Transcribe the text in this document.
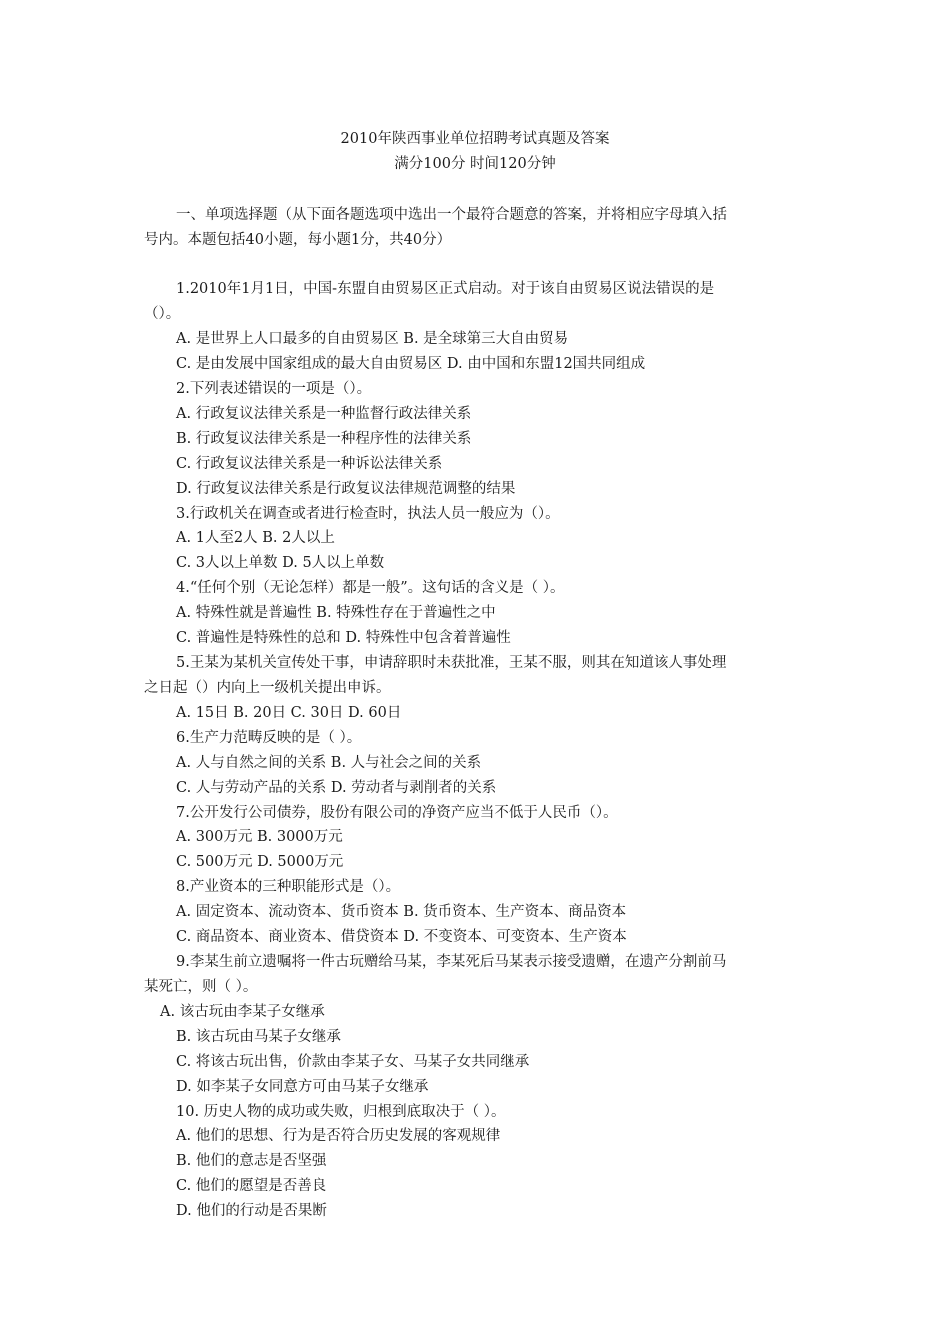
2010年陕西事业单位招聘考试真题及答案
满分100分 时间120分钟
一、单项选择题（从下面各题选项中选出一个最符合题意的答案，并将相应字母填入括
号内。本题包括40小题，每小题1分，共40分）
1.2010年1月1日，中国-东盟自由贸易区正式启动。对于该自由贸易区说法错误的是
（）。
A. 是世界上人口最多的自由贸易区 B. 是全球第三大自由贸易
C. 是由发展中国家组成的最大自由贸易区 D. 由中国和东盟12国共同组成
2.下列表述错误的一项是（）。
A. 行政复议法律关系是一种监督行政法律关系
B. 行政复议法律关系是一种程序性的法律关系
C. 行政复议法律关系是一种诉讼法律关系
D. 行政复议法律关系是行政复议法律规范调整的结果
3.行政机关在调查或者进行检查时，执法人员一般应为（）。
A. 1人至2人 B. 2人以上
C. 3人以上单数 D. 5人以上单数
4.“任何个别（无论怎样）都是一般”。这句话的含义是（ ）。
A. 特殊性就是普遍性 B. 特殊性存在于普遍性之中
C. 普遍性是特殊性的总和 D. 特殊性中包含着普遍性
5.王某为某机关宣传处干事，申请辞职时未获批准，王某不服，则其在知道该人事处理
之日起（）内向上一级机关提出申诉。
A. 15日 B. 20日 C. 30日 D. 60日
6.生产力范畴反映的是（ ）。
A. 人与自然之间的关系 B. 人与社会之间的关系
C. 人与劳动产品的关系 D. 劳动者与剥削者的关系
7.公开发行公司债券，股份有限公司的净资产应当不低于人民币（）。
A. 300万元 B. 3000万元
C. 500万元 D. 5000万元
8.产业资本的三种职能形式是（）。
A. 固定资本、流动资本、货币资本 B. 货币资本、生产资本、商品资本
C. 商品资本、商业资本、借贷资本 D. 不变资本、可变资本、生产资本
9.李某生前立遗嘱将一件古玩赠给马某，李某死后马某表示接受遗赠，在遗产分割前马
某死亡，则（ ）。
A. 该古玩由李某子女继承
B. 该古玩由马某子女继承
C. 将该古玩出售，价款由李某子女、马某子女共同继承
D. 如李某子女同意方可由马某子女继承
10. 历史人物的成功或失败，归根到底取决于（ ）。
A. 他们的思想、行为是否符合历史发展的客观规律
B. 他们的意志是否坚强
C. 他们的愿望是否善良
D. 他们的行动是否果断
